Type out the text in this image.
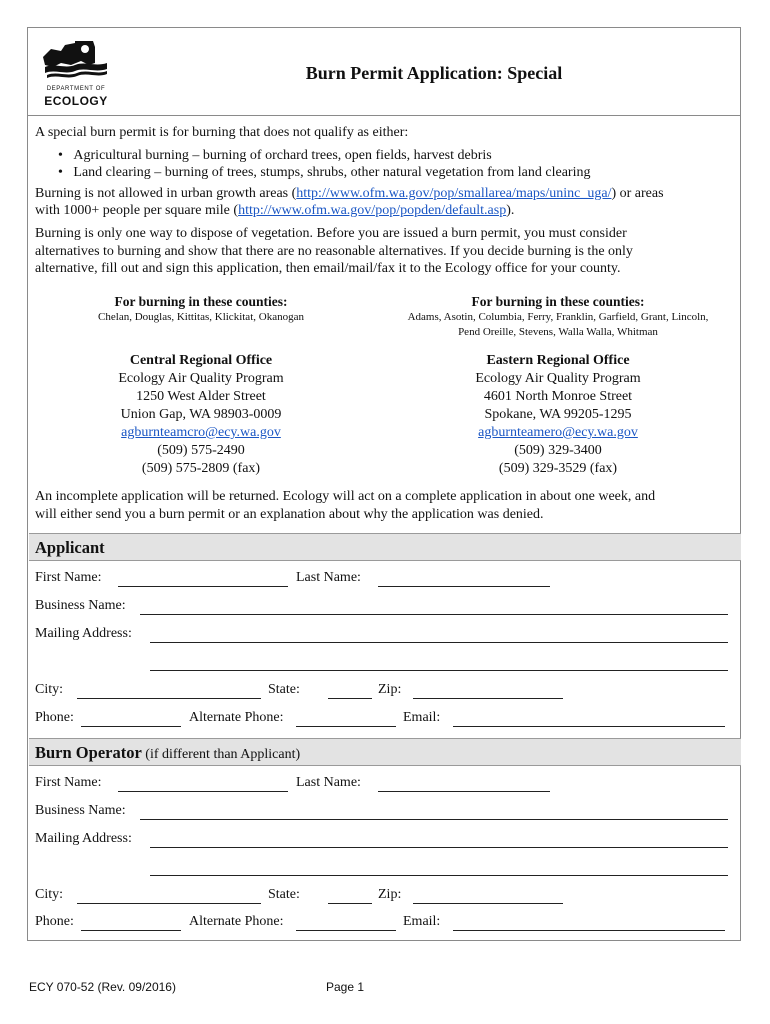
DEPARTMENT OF
ECOLOGY
Burn Permit Application: Special
A special burn permit is for burning that does not qualify as either:
•   Agricultural burning – burning of orchard trees, open fields, harvest debris
•   Land clearing – burning of trees, stumps, shrubs, other natural vegetation from land clearing
Burning is not allowed in urban growth areas (http://www.ofm.wa.gov/pop/smallarea/maps/uninc_uga/) or areas
with 1000+ people per square mile (http://www.ofm.wa.gov/pop/popden/default.asp).
Burning is only one way to dispose of vegetation. Before you are issued a burn permit, you must consider
alternatives to burning and show that there are no reasonable alternatives. If you decide burning is the only
alternative, fill out and sign this application, then email/mail/fax it to the Ecology office for your county.
For burning in these counties:
Chelan, Douglas, Kittitas, Klickitat, Okanogan
For burning in these counties:
Adams, Asotin, Columbia, Ferry, Franklin, Garfield, Grant, Lincoln,
Pend Oreille, Stevens, Walla Walla, Whitman
Central Regional Office
Ecology Air Quality Program
1250 West Alder Street
Union Gap, WA 98903-0009
agburnteamcro@ecy.wa.gov
(509) 575-2490
(509) 575-2809 (fax)
Eastern Regional Office
Ecology Air Quality Program
4601 North Monroe Street
Spokane, WA 99205-1295
agburnteamero@ecy.wa.gov
(509) 329-3400
(509) 329-3529 (fax)
An incomplete application will be returned. Ecology will act on a complete application in about one week, and
will either send you a burn permit or an explanation about why the application was denied.
Applicant
First Name:	Last Name:
Business Name:
Mailing Address:
City:	State:	Zip:
Phone:	Alternate Phone:	Email:
Burn Operator (if different than Applicant)
First Name:	Last Name:
Business Name:
Mailing Address:
City:	State:	Zip:
Phone:	Alternate Phone:	Email:
ECY 070-52 (Rev. 09/2016)	Page 1
